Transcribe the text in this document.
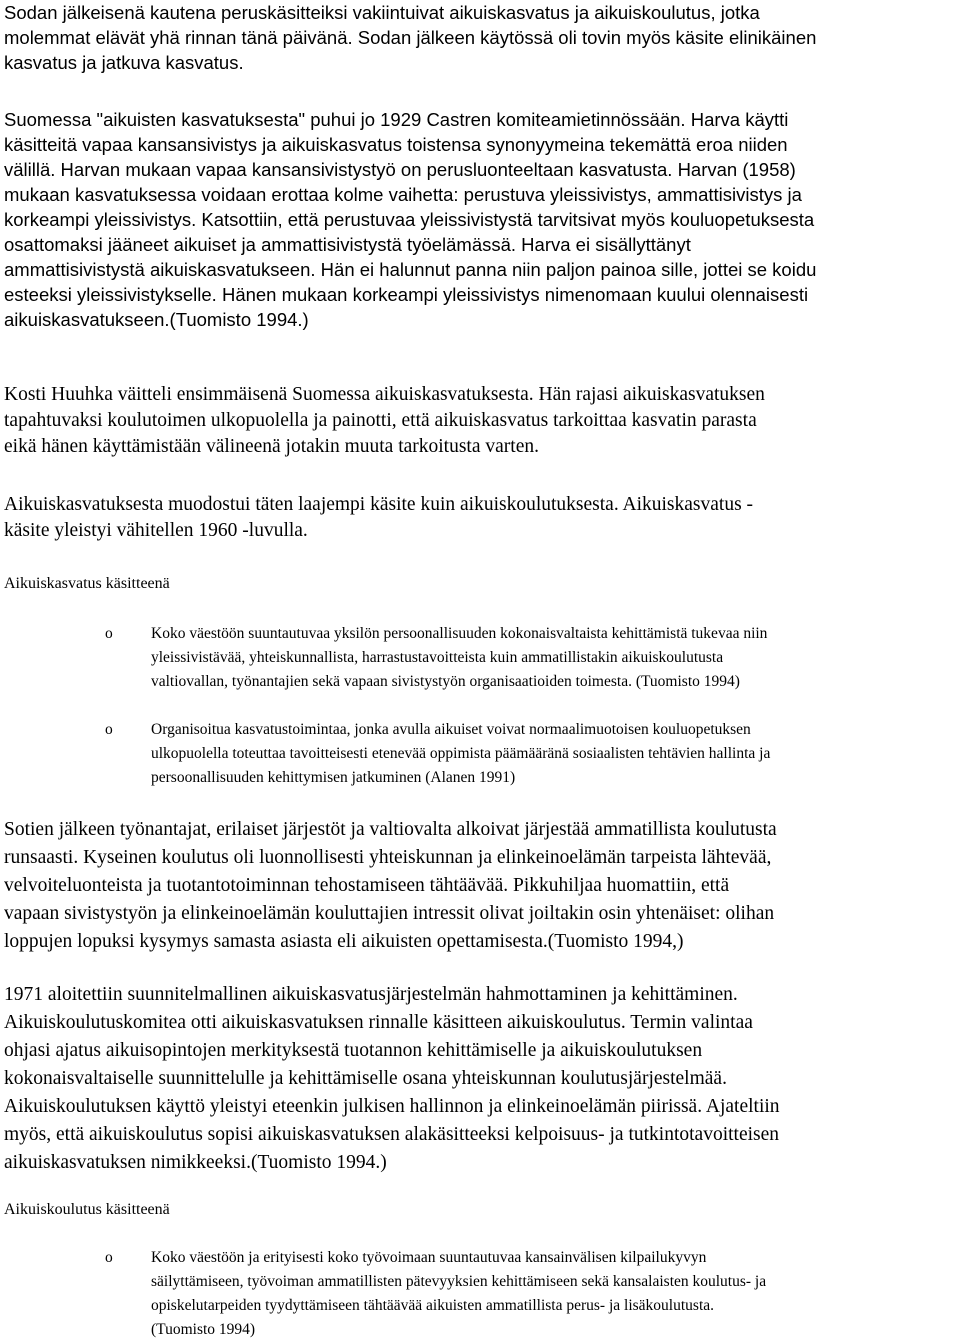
Sodan jälkeisenä kautena peruskäsitteiksi vakiintuivat aikuiskasvatus ja aikuiskoulutus, jotka
molemmat elävät yhä rinnan tänä päivänä. Sodan jälkeen käytössä oli tovin myös käsite elinikäinen
kasvatus ja jatkuva kasvatus.

Suomessa "aikuisten kasvatuksesta" puhui jo 1929 Castren komiteamietinnössään. Harva käytti
käsitteitä vapaa kansansivistys ja aikuiskasvatus toistensa synonyymeina tekemättä eroa niiden
välillä. Harvan mukaan vapaa kansansivistystyö on perusluonteeltaan kasvatusta. Harvan (1958)
mukaan kasvatuksessa voidaan erottaa kolme vaihetta: perustuva yleissivistys, ammattisivistys ja
korkeampi yleissivistys. Katsottiin, että perustuvaa yleissivistystä tarvitsivat myös kouluopetuksesta
osattomaksi jääneet aikuiset ja ammattisivistystä työelämässä. Harva ei sisällyttänyt
ammattisivistystä aikuiskasvatukseen. Hän ei halunnut panna niin paljon painoa sille, jottei se koidu
esteeksi yleissivistykselle. Hänen mukaan korkeampi yleissivistys nimenomaan kuului olennaisesti
aikuiskasvatukseen.(Tuomisto 1994.)

Kosti Huuhka väitteli ensimmäisenä Suomessa aikuiskasvatuksesta. Hän rajasi aikuiskasvatuksen
tapahtuvaksi koulutoimen ulkopuolella ja painotti, että aikuiskasvatus tarkoittaa kasvatin parasta
eikä hänen käyttämistään välineenä jotakin muuta tarkoitusta varten.

Aikuiskasvatuksesta muodostui täten laajempi käsite kuin aikuiskoulutuksesta. Aikuiskasvatus -
käsite yleistyi vähitellen 1960 -luvulla.

Aikuiskasvatus käsitteenä

o Koko väestöön suuntautuvaa yksilön persoonallisuuden kokonaisvaltaista kehittämistä tukevaa niin
yleissivistävää, yhteiskunnallista, harrastustavoitteista kuin ammatillistakin aikuiskoulutusta
valtiovallan, työnantajien sekä vapaan sivistystyön organisaatioiden toimesta. (Tuomisto 1994)
o Organisoitua kasvatustoimintaa, jonka avulla aikuiset voivat normaalimuotoisen kouluopetuksen
ulkopuolella toteuttaa tavoitteisesti etenevää oppimista päämääränä sosiaalisten tehtävien hallinta ja
persoonallisuuden kehittymisen jatkuminen (Alanen 1991)

Sotien jälkeen työnantajat, erilaiset järjestöt ja valtiovalta alkoivat järjestää ammatillista koulutusta
runsaasti. Kyseinen koulutus oli luonnollisesti yhteiskunnan ja elinkeinoelämän tarpeista lähtevää,
velvoiteluonteista ja tuotantotoiminnan tehostamiseen tähtäävää. Pikkuhiljaa huomattiin, että
vapaan sivistystyön ja elinkeinoelämän kouluttajien intressit olivat joiltakin osin yhtenäiset: olihan
loppujen lopuksi kysymys samasta asiasta eli aikuisten opettamisesta.(Tuomisto 1994,)

1971 aloitettiin suunnitelmallinen aikuiskasvatusjärjestelmän hahmottaminen ja kehittäminen.
Aikuiskoulutuskomitea otti aikuiskasvatuksen rinnalle käsitteen aikuiskoulutus. Termin valintaa
ohjasi ajatus aikuisopintojen merkityksestä tuotannon kehittämiselle ja aikuiskoulutuksen
kokonaisvaltaiselle suunnittelulle ja kehittämiselle osana yhteiskunnan koulutusjärjestelmää.
Aikuiskoulutuksen käyttö yleistyi eteenkin julkisen hallinnon ja elinkeinoelämän piirissä. Ajateltiin
myös, että aikuiskoulutus sopisi aikuiskasvatuksen alakäsitteeksi kelpoisuus- ja tutkintotavoitteisen
aikuiskasvatuksen nimikkeeksi.(Tuomisto 1994.)

Aikuiskoulutus käsitteenä

o Koko väestöön ja erityisesti koko työvoimaan suuntautuvaa kansainvälisen kilpailukyvyn
säilyttämiseen, työvoiman ammatillisten pätevyyksien kehittämiseen sekä kansalaisten koulutus- ja
opiskelutarpeiden tyydyttämiseen tähtäävää aikuisten ammatillista perus- ja lisäkoulutusta.
(Tuomisto 1994)
